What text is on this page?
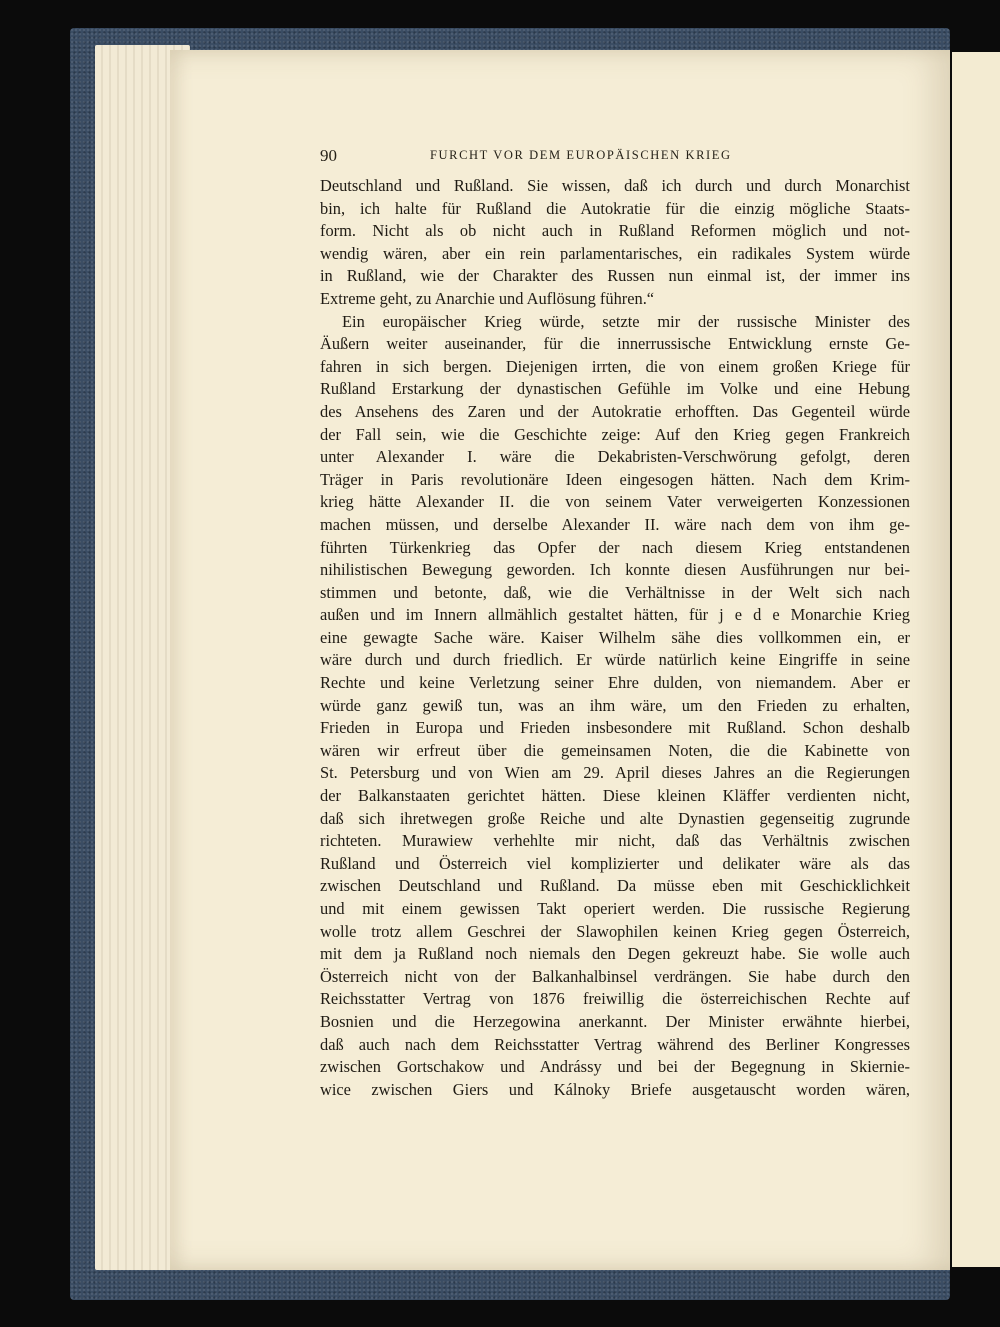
90	FURCHT VOR DEM EUROPÄISCHEN KRIEG
Deutschland und Rußland. Sie wissen, daß ich durch und durch Monarchist
bin, ich halte für Rußland die Autokratie für die einzig mögliche Staats-
form. Nicht als ob nicht auch in Rußland Reformen möglich und not-
wendig wären, aber ein rein parlamentarisches, ein radikales System würde
in Rußland, wie der Charakter des Russen nun einmal ist, der immer ins
Extreme geht, zu Anarchie und Auflösung führen.“
Ein europäischer Krieg würde, setzte mir der russische Minister des
Äußern weiter auseinander, für die innerrussische Entwicklung ernste Ge-
fahren in sich bergen. Diejenigen irrten, die von einem großen Kriege für
Rußland Erstarkung der dynastischen Gefühle im Volke und eine Hebung
des Ansehens des Zaren und der Autokratie erhofften. Das Gegenteil würde
der Fall sein, wie die Geschichte zeige: Auf den Krieg gegen Frankreich
unter Alexander I. wäre die Dekabristen-Verschwörung gefolgt, deren
Träger in Paris revolutionäre Ideen eingesogen hätten. Nach dem Krim-
krieg hätte Alexander II. die von seinem Vater verweigerten Konzessionen
machen müssen, und derselbe Alexander II. wäre nach dem von ihm ge-
führten Türkenkrieg das Opfer der nach diesem Krieg entstandenen
nihilistischen Bewegung geworden. Ich konnte diesen Ausführungen nur bei-
stimmen und betonte, daß, wie die Verhältnisse in der Welt sich nach
außen und im Innern allmählich gestaltet hätten, für j e d e Monarchie Krieg
eine gewagte Sache wäre. Kaiser Wilhelm sähe dies vollkommen ein, er
wäre durch und durch friedlich. Er würde natürlich keine Eingriffe in seine
Rechte und keine Verletzung seiner Ehre dulden, von niemandem. Aber er
würde ganz gewiß tun, was an ihm wäre, um den Frieden zu erhalten,
Frieden in Europa und Frieden insbesondere mit Rußland. Schon deshalb
wären wir erfreut über die gemeinsamen Noten, die die Kabinette von
St. Petersburg und von Wien am 29. April dieses Jahres an die Regierungen
der Balkanstaaten gerichtet hätten. Diese kleinen Kläffer verdienten nicht,
daß sich ihretwegen große Reiche und alte Dynastien gegenseitig zugrunde
richteten. Murawiew verhehlte mir nicht, daß das Verhältnis zwischen
Rußland und Österreich viel komplizierter und delikater wäre als das
zwischen Deutschland und Rußland. Da müsse eben mit Geschicklichkeit
und mit einem gewissen Takt operiert werden. Die russische Regierung
wolle trotz allem Geschrei der Slawophilen keinen Krieg gegen Österreich,
mit dem ja Rußland noch niemals den Degen gekreuzt habe. Sie wolle auch
Österreich nicht von der Balkanhalbinsel verdrängen. Sie habe durch den
Reichsstatter Vertrag von 1876 freiwillig die österreichischen Rechte auf
Bosnien und die Herzegowina anerkannt. Der Minister erwähnte hierbei,
daß auch nach dem Reichsstatter Vertrag während des Berliner Kongresses
zwischen Gortschakow und Andrássy und bei der Begegnung in Skiernie-
wice zwischen Giers und Kálnoky Briefe ausgetauscht worden wären,
